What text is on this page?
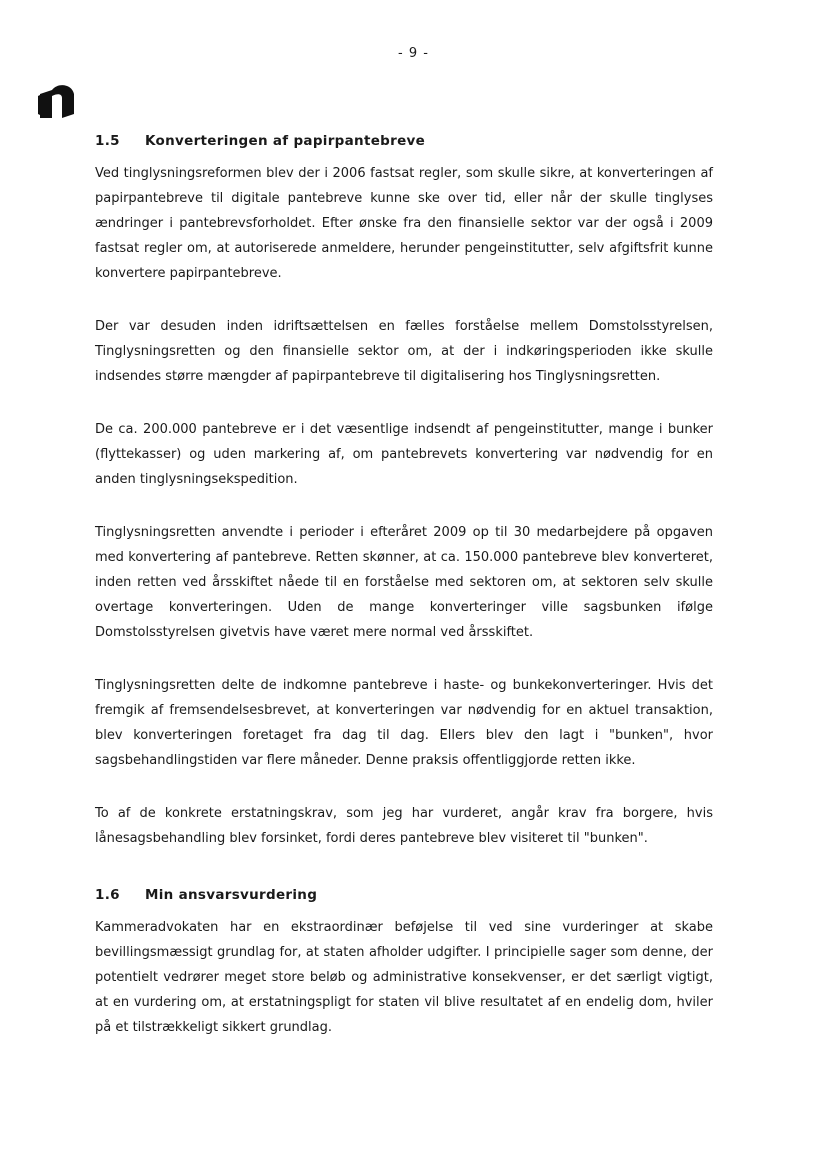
- 9 -
1.5	Konverteringen af papirpantebreve

Ved tinglysningsreformen blev der i 2006 fastsat regler, som skulle sikre, at konverteringen af papirpantebreve til digitale pantebreve kunne ske over tid, eller når der skulle tinglyses ændringer i pantebrevsforholdet. Efter ønske fra den finansielle sektor var der også i 2009 fastsat regler om, at autoriserede anmeldere, herunder pengeinstitutter, selv afgiftsfrit kunne konvertere papirpantebreve.

Der var desuden inden idriftsættelsen en fælles forståelse mellem Domstolsstyrelsen, Tinglysningsretten og den finansielle sektor om, at der i indkøringsperioden ikke skulle indsendes større mængder af papirpantebreve til digitalisering hos Tinglysningsretten.

De ca. 200.000 pantebreve er i det væsentlige indsendt af pengeinstitutter, mange i bunker (flyttekasser) og uden markering af, om pantebrevets konvertering var nødvendig for en anden tinglysningsekspedition.

Tinglysningsretten anvendte i perioder i efteråret 2009 op til 30 medarbejdere på opgaven med konvertering af pantebreve. Retten skønner, at ca. 150.000 pantebreve blev konverteret, inden retten ved årsskiftet nåede til en forståelse med sektoren om, at sektoren selv skulle overtage konverteringen. Uden de mange konverteringer ville sagsbunken ifølge Domstolsstyrelsen givetvis have været mere normal ved årsskiftet.

Tinglysningsretten delte de indkomne pantebreve i haste- og bunkekonverteringer. Hvis det fremgik af fremsendelsesbrevet, at konverteringen var nødvendig for en aktuel transaktion, blev konverteringen foretaget fra dag til dag. Ellers blev den lagt i "bunken", hvor sagsbehandlingstiden var flere måneder. Denne praksis offentliggjorde retten ikke.

To af de konkrete erstatningskrav, som jeg har vurderet, angår krav fra borgere, hvis lånesagsbehandling blev forsinket, fordi deres pantebreve blev visiteret til "bunken".

1.6	Min ansvarsvurdering

Kammeradvokaten har en ekstraordinær beføjelse til ved sine vurderinger at skabe bevillingsmæssigt grundlag for, at staten afholder udgifter. I principielle sager som denne, der potentielt vedrører meget store beløb og administrative konsekvenser, er det særligt vigtigt, at en vurdering om, at erstatningspligt for staten vil blive resultatet af en endelig dom, hviler på et tilstrækkeligt sikkert grundlag.
